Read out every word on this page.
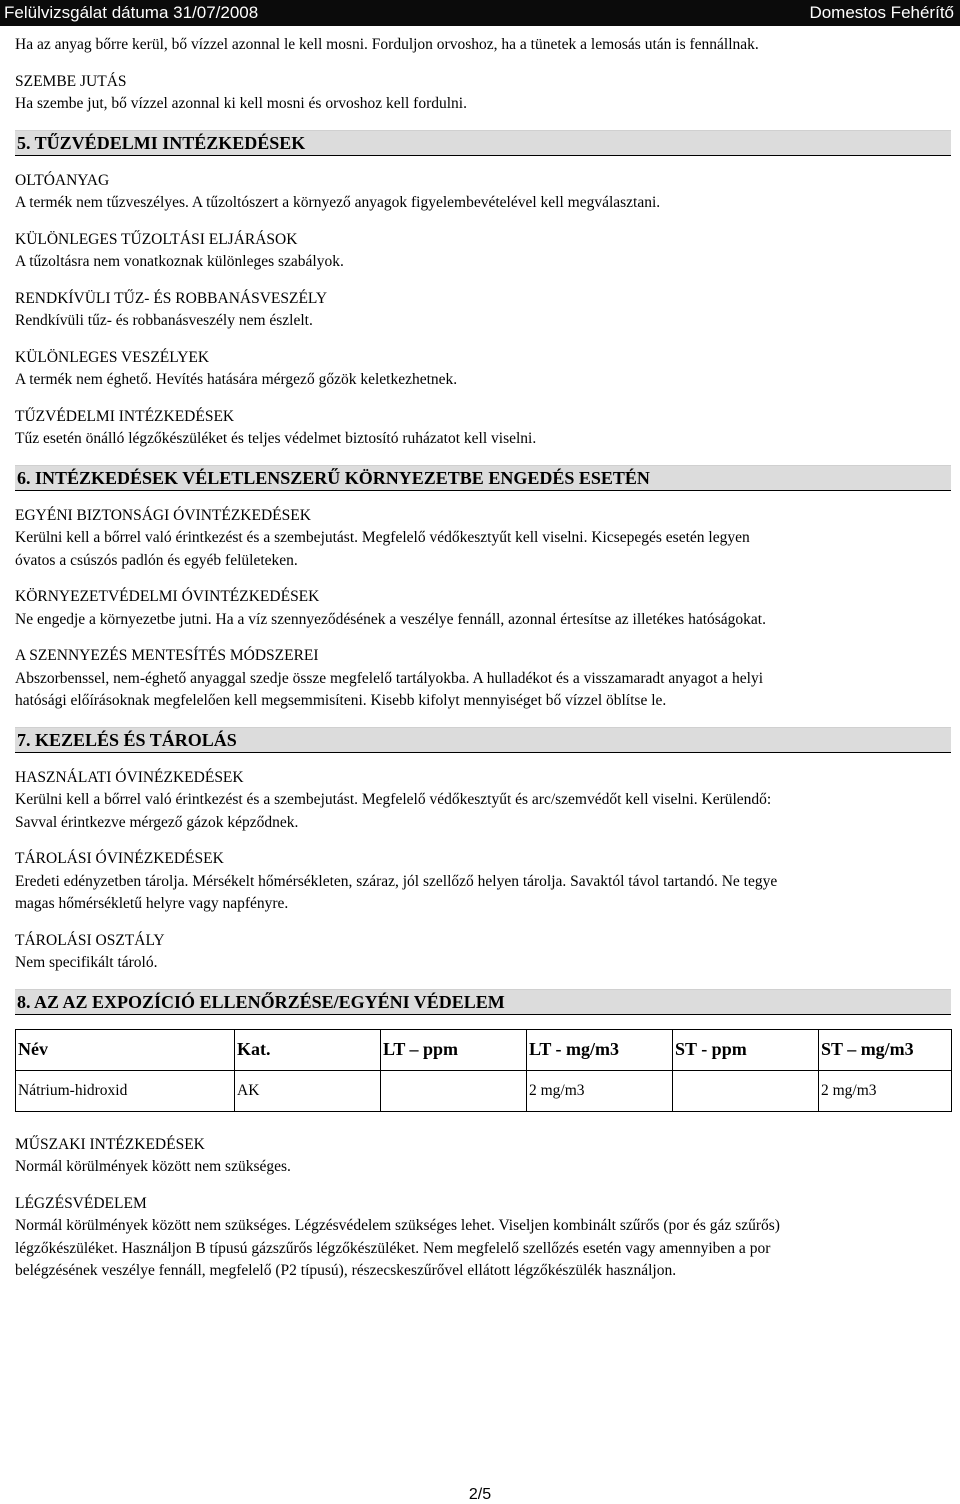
Felülvizsgálat dátuma 31/07/2008	Domestos Fehérítő

Ha az anyag bőrre kerül, bő vízzel azonnal le kell mosni. Forduljon orvoshoz, ha a tünetek a lemosás után is fennállnak.

SZEMBE JUTÁS

Ha szembe jut, bő vízzel azonnal ki kell mosni és orvoshoz kell fordulni.

5. TŰZVÉDELMI INTÉZKEDÉSEK

OLTÓANYAG

A termék nem tűzveszélyes. A tűzoltószert a környező anyagok figyelembevételével kell megválasztani.

KÜLÖNLEGES TŰZOLTÁSI ELJÁRÁSOK

A tűzoltásra nem vonatkoznak különleges szabályok.

RENDKÍVÜLI TŰZ- ÉS ROBBANÁSVESZÉLY

Rendkívüli tűz- és robbanásveszély nem észlelt.

KÜLÖNLEGES VESZÉLYEK

A termék nem éghető. Hevítés hatására mérgező gőzök keletkezhetnek.

TŰZVÉDELMI INTÉZKEDÉSEK

Tűz esetén önálló légzőkészüléket és teljes védelmet biztosító ruházatot kell viselni.

6. INTÉZKEDÉSEK VÉLETLENSZERŰ KÖRNYEZETBE ENGEDÉS ESETÉN

EGYÉNI BIZTONSÁGI ÓVINTÉZKEDÉSEK

Kerülni kell a bőrrel való érintkezést és a szembejutást. Megfelelő védőkesztyűt kell viselni. Kicsepegés esetén legyen

óvatos a csúszós padlón és egyéb felületeken.

KÖRNYEZETVÉDELMI ÓVINTÉZKEDÉSEK

Ne engedje a környezetbe jutni. Ha a víz szennyeződésének a veszélye fennáll, azonnal értesítse az illetékes hatóságokat.

A SZENNYEZÉS MENTESÍTÉS MÓDSZEREI

Abszorbenssel, nem-éghető anyaggal szedje össze megfelelő tartályokba. A hulladékot és a visszamaradt anyagot a helyi

hatósági előírásoknak megfelelően kell megsemmisíteni. Kisebb kifolyt mennyiséget bő vízzel öblítse le.

7. KEZELÉS ÉS TÁROLÁS

HASZNÁLATI ÓVINÉZKEDÉSEK

Kerülni kell a bőrrel való érintkezést és a szembejutást. Megfelelő védőkesztyűt és arc/szemvédőt kell viselni. Kerülendő:

Savval érintkezve mérgező gázok képződnek.

TÁROLÁSI ÓVINÉZKEDÉSEK

Eredeti edényzetben tárolja. Mérsékelt hőmérsékleten, száraz, jól szellőző helyen tárolja. Savaktól távol tartandó. Ne tegye

magas hőmérsékletű helyre vagy napfényre.

TÁROLÁSI OSZTÁLY

Nem specifikált tároló.

8. AZ AZ EXPOZÍCIÓ ELLENŐRZÉSE/EGYÉNI VÉDELEM
Név	Kat.	LT – ppm	LT - mg/m3	ST - ppm	ST – mg/m3
Nátrium-hidroxid	AK		2 mg/m3		2 mg/m3

MŰSZAKI INTÉZKEDÉSEK

Normál körülmények között nem szükséges.

LÉGZÉSVÉDELEM

Normál körülmények között nem szükséges. Légzésvédelem szükséges lehet. Viseljen kombinált szűrős (por és gáz szűrős)

légzőkészüléket. Használjon B típusú gázszűrős légzőkészüléket. Nem megfelelő szellőzés esetén vagy amennyiben a por

belégzésének veszélye fennáll, megfelelő (P2 típusú), részecskeszűrővel ellátott légzőkészülék használjon.

2/5
